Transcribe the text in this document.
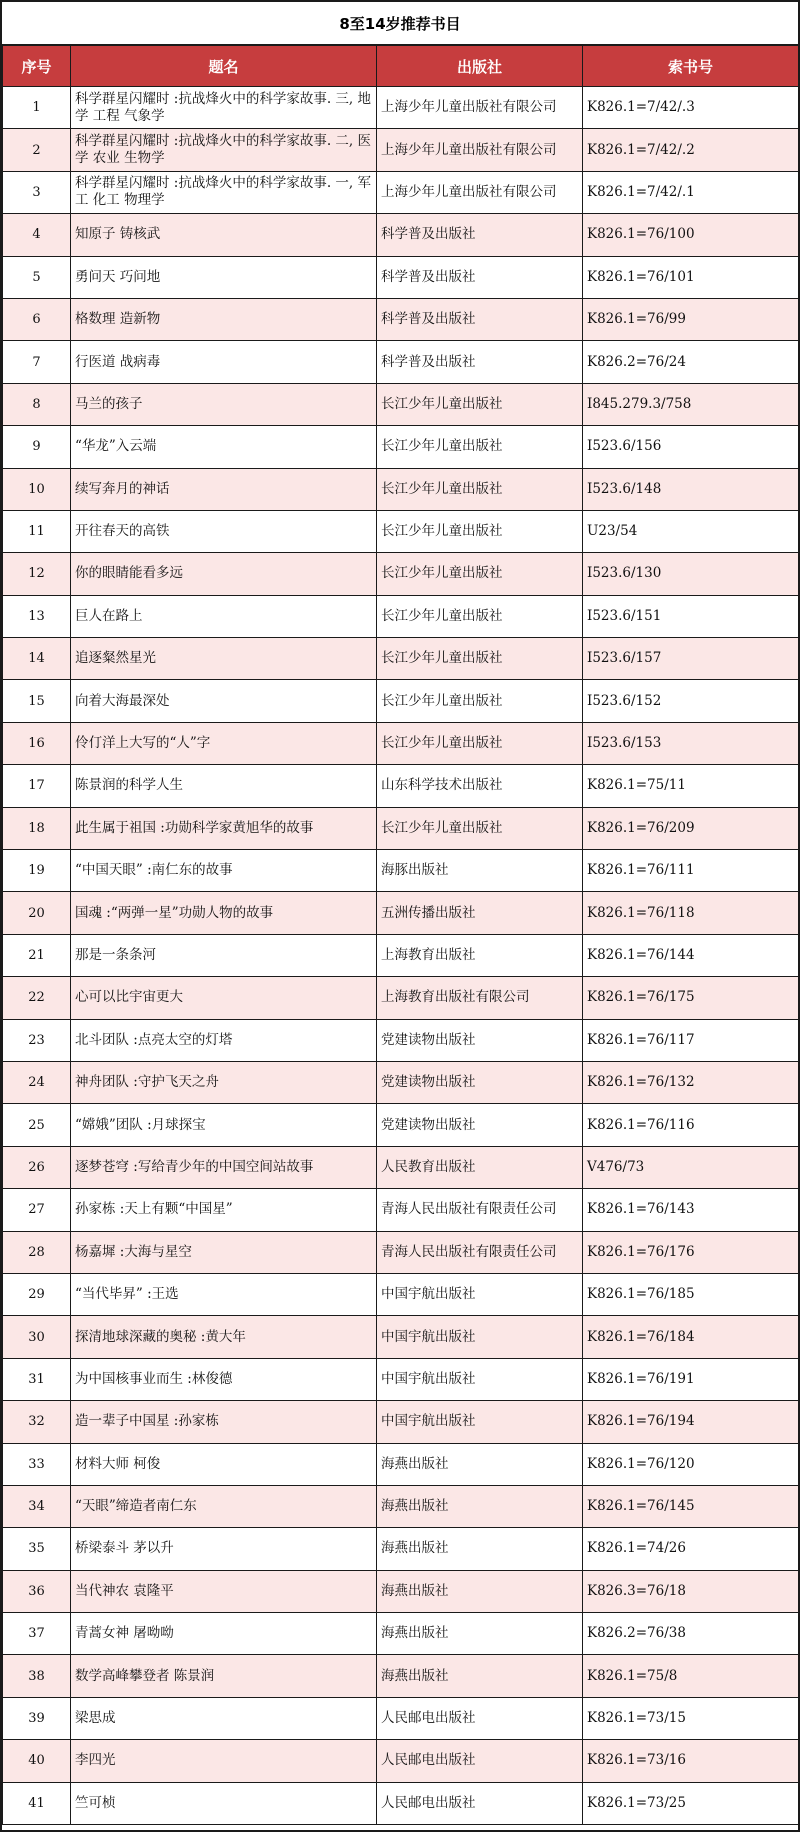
8至14岁推荐书目
序号	题名	出版社	索书号
1	科学群星闪耀时 :抗战烽火中的科学家故事. 三, 地学 工程 气象学	上海少年儿童出版社有限公司	K826.1=7/42/.3
2	科学群星闪耀时 :抗战烽火中的科学家故事. 二, 医学 农业 生物学	上海少年儿童出版社有限公司	K826.1=7/42/.2
3	科学群星闪耀时 :抗战烽火中的科学家故事. 一, 军工 化工 物理学	上海少年儿童出版社有限公司	K826.1=7/42/.1
4	知原子 铸核武	科学普及出版社	K826.1=76/100
5	勇问天 巧问地	科学普及出版社	K826.1=76/101
6	格数理 造新物	科学普及出版社	K826.1=76/99
7	行医道 战病毒	科学普及出版社	K826.2=76/24
8	马兰的孩子	长江少年儿童出版社	I845.279.3/758
9	“华龙”入云端	长江少年儿童出版社	I523.6/156
10	续写奔月的神话	长江少年儿童出版社	I523.6/148
11	开往春天的高铁	长江少年儿童出版社	U23/54
12	你的眼睛能看多远	长江少年儿童出版社	I523.6/130
13	巨人在路上	长江少年儿童出版社	I523.6/151
14	追逐粲然星光	长江少年儿童出版社	I523.6/157
15	向着大海最深处	长江少年儿童出版社	I523.6/152
16	伶仃洋上大写的“人”字	长江少年儿童出版社	I523.6/153
17	陈景润的科学人生	山东科学技术出版社	K826.1=75/11
18	此生属于祖国 :功勋科学家黄旭华的故事	长江少年儿童出版社	K826.1=76/209
19	“中国天眼” :南仁东的故事	海豚出版社	K826.1=76/111
20	国魂 :“两弹一星”功勋人物的故事	五洲传播出版社	K826.1=76/118
21	那是一条条河	上海教育出版社	K826.1=76/144
22	心可以比宇宙更大	上海教育出版社有限公司	K826.1=76/175
23	北斗团队 :点亮太空的灯塔	党建读物出版社	K826.1=76/117
24	神舟团队 :守护飞天之舟	党建读物出版社	K826.1=76/132
25	“嫦娥”团队 :月球探宝	党建读物出版社	K826.1=76/116
26	逐梦苍穹 :写给青少年的中国空间站故事	人民教育出版社	V476/73
27	孙家栋 :天上有颗“中国星”	青海人民出版社有限责任公司	K826.1=76/143
28	杨嘉墀 :大海与星空	青海人民出版社有限责任公司	K826.1=76/176
29	“当代毕昇” :王选	中国宇航出版社	K826.1=76/185
30	探清地球深藏的奥秘 :黄大年	中国宇航出版社	K826.1=76/184
31	为中国核事业而生 :林俊德	中国宇航出版社	K826.1=76/191
32	造一辈子中国星 :孙家栋	中国宇航出版社	K826.1=76/194
33	材料大师 柯俊	海燕出版社	K826.1=76/120
34	“天眼”缔造者南仁东	海燕出版社	K826.1=76/145
35	桥梁泰斗 茅以升	海燕出版社	K826.1=74/26
36	当代神农 袁隆平	海燕出版社	K826.3=76/18
37	青蒿女神 屠呦呦	海燕出版社	K826.2=76/38
38	数学高峰攀登者 陈景润	海燕出版社	K826.1=75/8
39	梁思成	人民邮电出版社	K826.1=73/15
40	李四光	人民邮电出版社	K826.1=73/16
41	竺可桢	人民邮电出版社	K826.1=73/25
